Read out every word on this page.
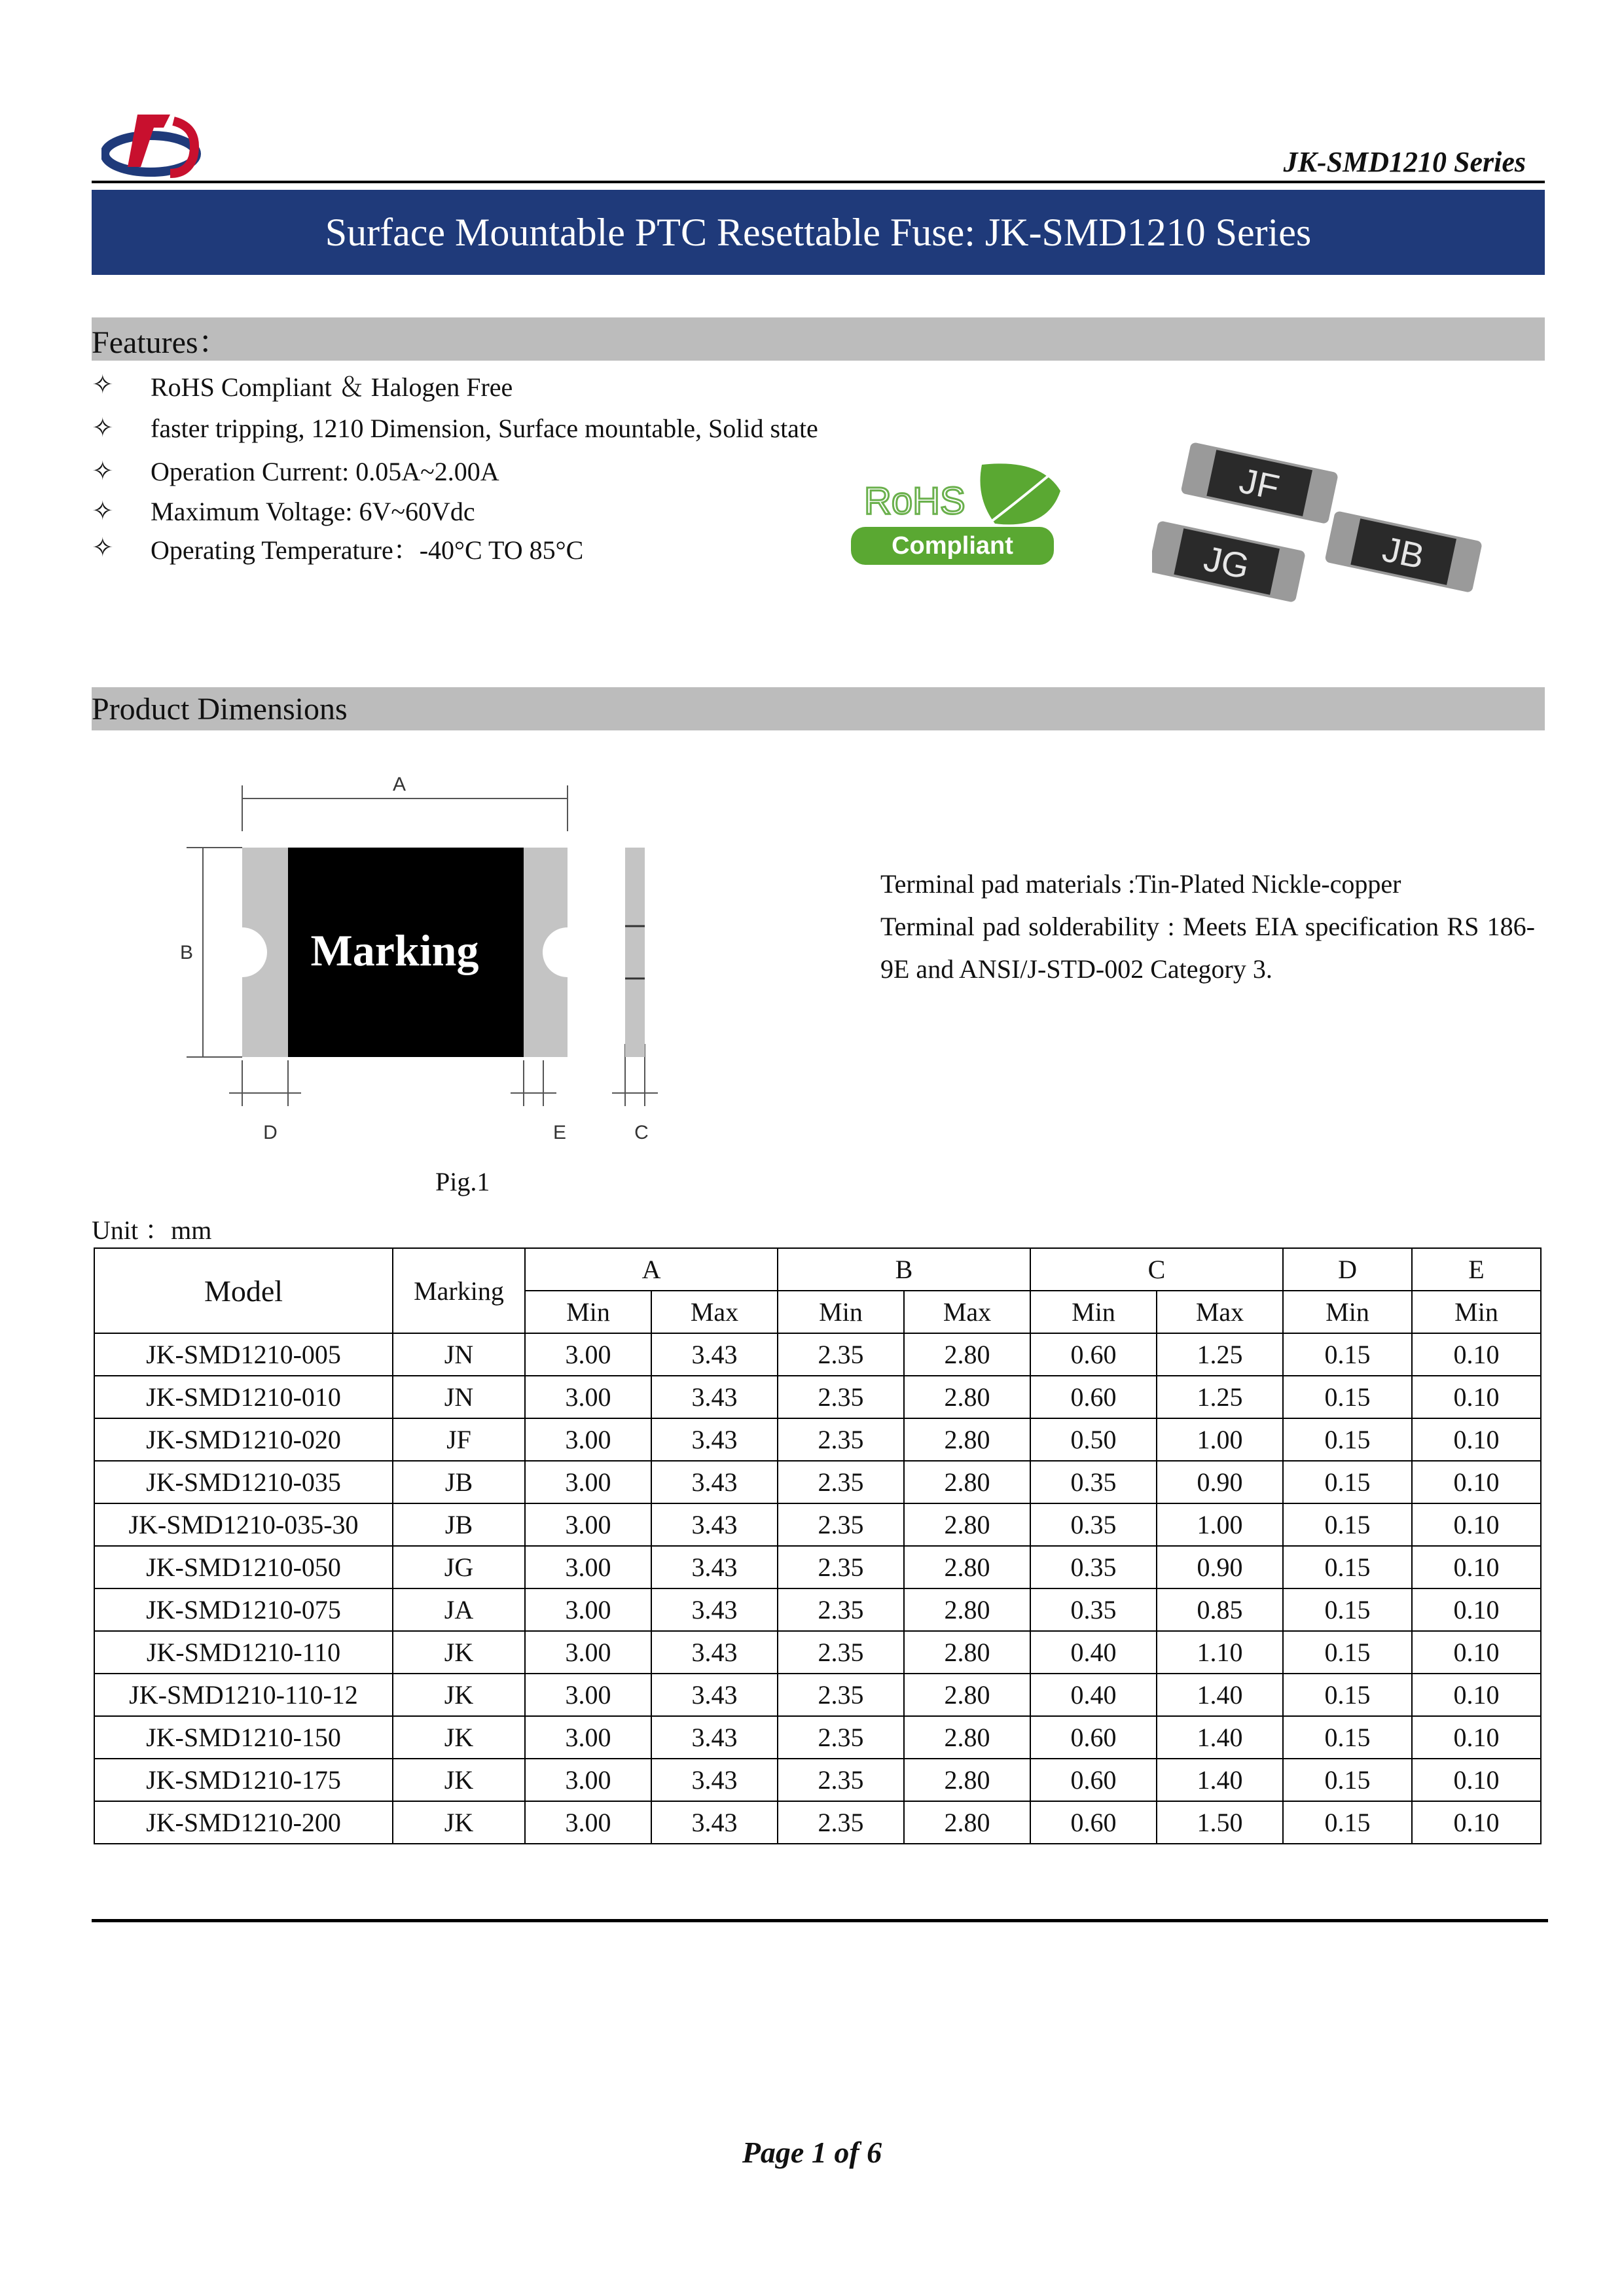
JK-SMD1210 Series
Surface Mountable PTC Resettable Fuse: JK-SMD1210 Series
Features：
✧	RoHS Compliant ＆ Halogen Free
✧	faster tripping, 1210 Dimension, Surface mountable, Solid state
✧	Operation Current: 0.05A~2.00A
✧	Maximum Voltage: 6V~60Vdc
✧	Operating Temperature：-40°C TO 85°C
RoHS
Compliant
JF
JG	JB
Product Dimensions
Marking
A
B
D	E	C
Pig.1
Terminal pad materials :Tin-Plated Nickle-copper
Terminal pad solderability : Meets EIA specification RS 186-9E and ANSI/J-STD-002 Category 3.
Unit ：mm
Model	Marking	A		B		C		D	E
		Min	Max	Min	Max	Min	Max	Min	Min
JK-SMD1210-005	JN	3.00	3.43	2.35	2.80	0.60	1.25	0.15	0.10
JK-SMD1210-010	JN	3.00	3.43	2.35	2.80	0.60	1.25	0.15	0.10
JK-SMD1210-020	JF	3.00	3.43	2.35	2.80	0.50	1.00	0.15	0.10
JK-SMD1210-035	JB	3.00	3.43	2.35	2.80	0.35	0.90	0.15	0.10
JK-SMD1210-035-30	JB	3.00	3.43	2.35	2.80	0.35	1.00	0.15	0.10
JK-SMD1210-050	JG	3.00	3.43	2.35	2.80	0.35	0.90	0.15	0.10
JK-SMD1210-075	JA	3.00	3.43	2.35	2.80	0.35	0.85	0.15	0.10
JK-SMD1210-110	JK	3.00	3.43	2.35	2.80	0.40	1.10	0.15	0.10
JK-SMD1210-110-12	JK	3.00	3.43	2.35	2.80	0.40	1.40	0.15	0.10
JK-SMD1210-150	JK	3.00	3.43	2.35	2.80	0.60	1.40	0.15	0.10
JK-SMD1210-175	JK	3.00	3.43	2.35	2.80	0.60	1.40	0.15	0.10
JK-SMD1210-200	JK	3.00	3.43	2.35	2.80	0.60	1.50	0.15	0.10
Page 1 of 6
